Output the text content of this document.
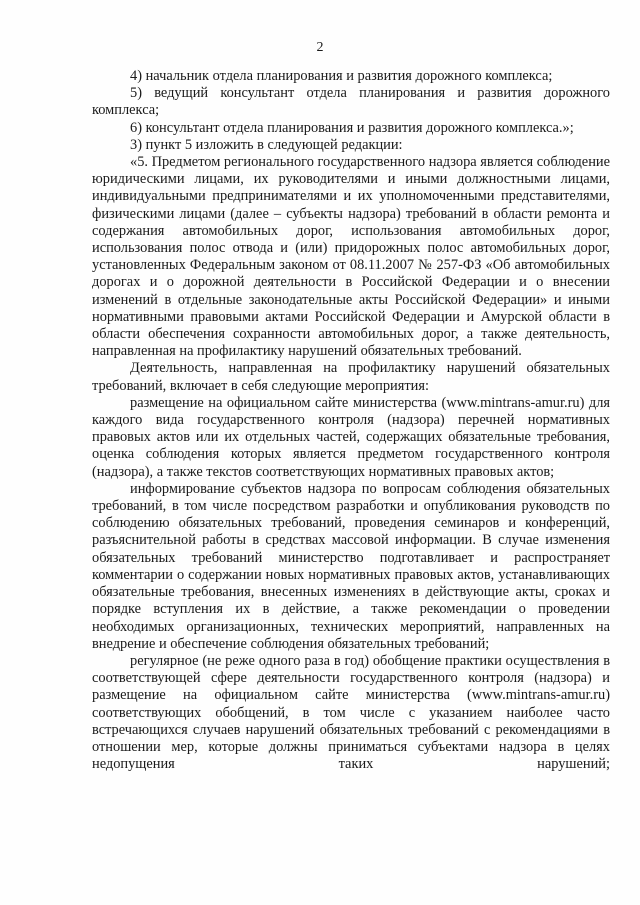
2

4) начальник отдела планирования и развития дорожного комплекса;

5) ведущий консультант отдела планирования и развития дорожного комплекса;

6) консультант отдела планирования и развития дорожного комплекса.»;

3) пункт 5 изложить в следующей редакции:

«5. Предметом регионального государственного надзора является соблюдение юридическими лицами, их руководителями и иными должностными лицами, индивидуальными предпринимателями и их уполномоченными представителями, физическими лицами (далее – субъекты надзора) требований в области ремонта и содержания автомобильных дорог, использования автомобильных дорог, использования полос отвода и (или) придорожных полос автомобильных дорог, установленных Федеральным законом от 08.11.2007 № 257-ФЗ «Об автомобильных дорогах и о дорожной деятельности в Российской Федерации и о внесении изменений в отдельные законодательные акты Российской Федерации» и иными нормативными правовыми актами Российской Федерации и Амурской области в области обеспечения сохранности автомобильных дорог, а также деятельность, направленная на профилактику нарушений обязательных требований.

Деятельность, направленная на профилактику нарушений обязательных требований, включает в себя следующие мероприятия:

размещение на официальном сайте министерства (www.mintrans-amur.ru) для каждого вида государственного контроля (надзора) перечней нормативных правовых актов или их отдельных частей, содержащих обязательные требования, оценка соблюдения которых является предметом государственного контроля (надзора), а также текстов соответствующих нормативных правовых актов;

информирование субъектов надзора по вопросам соблюдения обязательных требований, в том числе посредством разработки и опубликования руководств по соблюдению обязательных требований, проведения семинаров и конференций, разъяснительной работы в средствах массовой информации. В случае изменения обязательных требований министерство подготавливает и распространяет комментарии о содержании новых нормативных правовых актов, устанавливающих обязательные требования, внесенных изменениях в действующие акты, сроках и порядке вступления их в действие, а также рекомендации о проведении необходимых организационных, технических мероприятий, направленных на внедрение и обеспечение соблюдения обязательных требований;

регулярное (не реже одного раза в год) обобщение практики осуществления в соответствующей сфере деятельности государственного контроля (надзора) и размещение на официальном сайте министерства (www.mintrans-amur.ru) соответствующих обобщений, в том числе с указанием наиболее часто встречающихся случаев нарушений обязательных требований с рекомендациями в отношении мер, которые должны приниматься субъектами надзора в целях недопущения таких нарушений;
